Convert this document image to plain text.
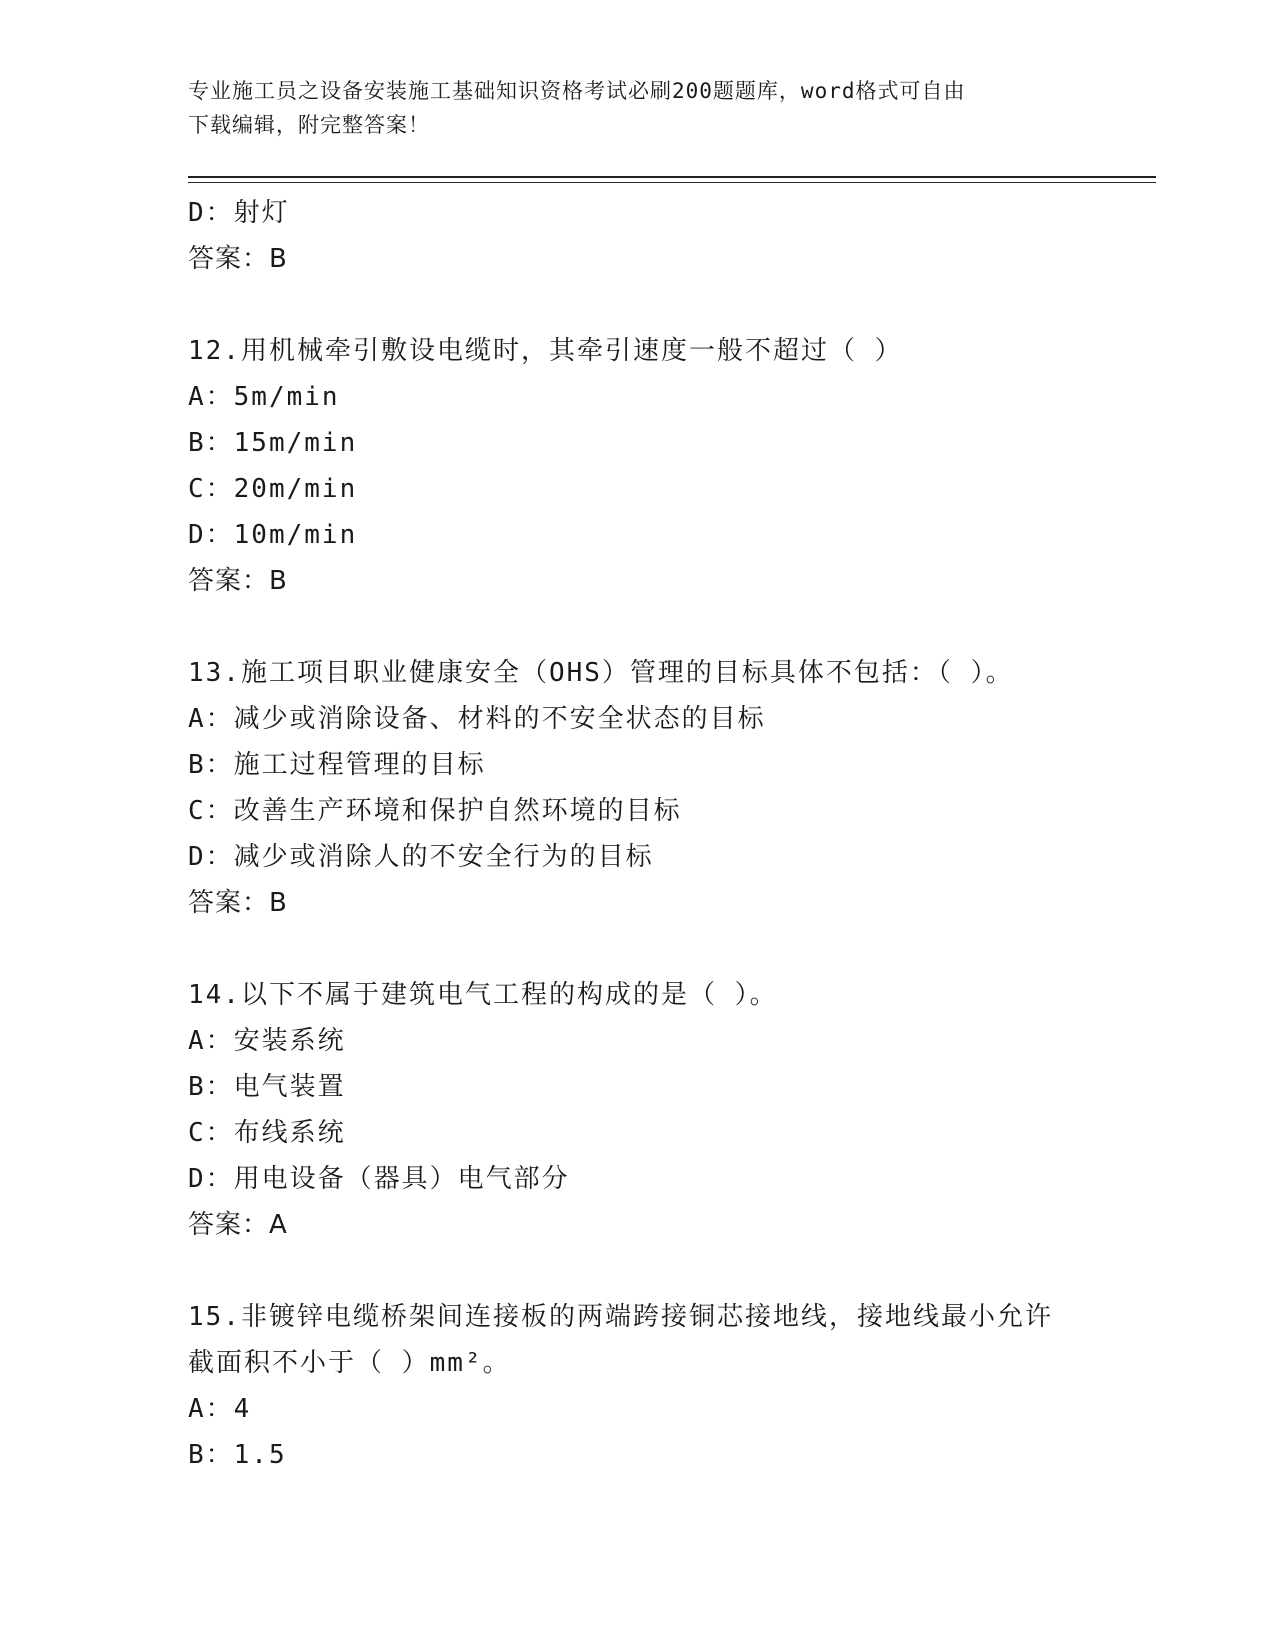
专业施工员之设备安装施工基础知识资格考试必刷200题题库，word格式可自由
下载编辑，附完整答案！
D：射灯
答案：B
12.用机械牵引敷设电缆时，其牵引速度一般不超过（ ）
A：5m/min
B：15m/min
C：20m/min
D：10m/min
答案：B
13.施工项目职业健康安全（OHS）管理的目标具体不包括：（ ）。
A：减少或消除设备、材料的不安全状态的目标
B：施工过程管理的目标
C：改善生产环境和保护自然环境的目标
D：减少或消除人的不安全行为的目标
答案：B
14.以下不属于建筑电气工程的构成的是（ ）。
A：安装系统
B：电气装置
C：布线系统
D：用电设备（器具）电气部分
答案：A
15.非镀锌电缆桥架间连接板的两端跨接铜芯接地线，接地线最小允许
截面积不小于（ ）mm²。
A：4
B：1.5
